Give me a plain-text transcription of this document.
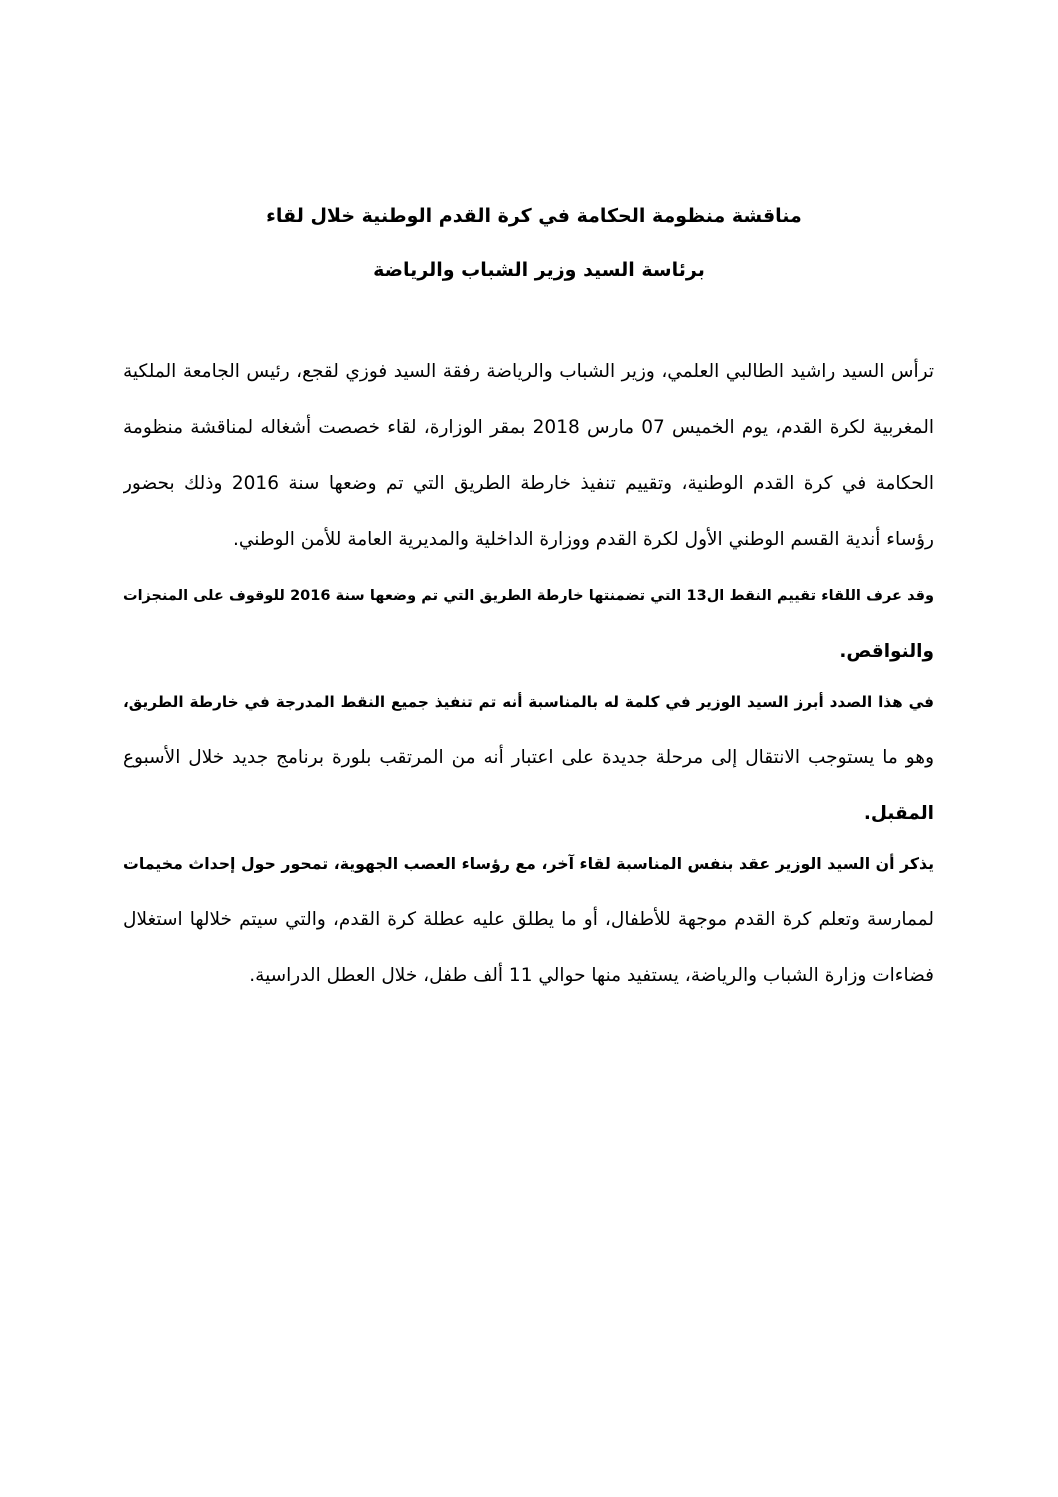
مناقشة منظومة الحكامة في كرة القدم الوطنية خلال لقاء
برئاسة السيد وزير الشباب والرياضة
ترأس السيد راشيد الطالبي العلمي، وزير الشباب والرياضة رفقة السيد فوزي لقجع، رئيس الجامعة الملكية
المغربية لكرة القدم، يوم الخميس 07 مارس 2018 بمقر الوزارة، لقاء خصصت أشغاله لمناقشة منظومة
الحكامة في كرة القدم الوطنية، وتقييم تنفيذ خارطة الطريق التي تم وضعها سنة 2016 وذلك بحضور
رؤساء أندية القسم الوطني الأول لكرة القدم ووزارة الداخلية والمديرية العامة للأمن الوطني.
وقد عرف اللقاء تقييم النقط ال13 التي تضمنتها خارطة الطريق التي تم وضعها سنة 2016 للوقوف على المنجزات
والنواقص.
في هذا الصدد أبرز السيد الوزير في كلمة له بالمناسبة أنه تم تنفيذ جميع النقط المدرجة في خارطة الطريق،
وهو ما يستوجب الانتقال إلى مرحلة جديدة على اعتبار أنه من المرتقب بلورة برنامج جديد خلال الأسبوع
المقبل.
يذكر أن السيد الوزير عقد بنفس المناسبة لقاء آخر، مع رؤساء العصب الجهوية، تمحور حول إحداث مخيمات
لممارسة وتعلم كرة القدم موجهة للأطفال، أو ما يطلق عليه عطلة كرة القدم، والتي سيتم خلالها استغلال
فضاءات وزارة الشباب والرياضة، يستفيد منها حوالي 11 ألف طفل، خلال العطل الدراسية.
